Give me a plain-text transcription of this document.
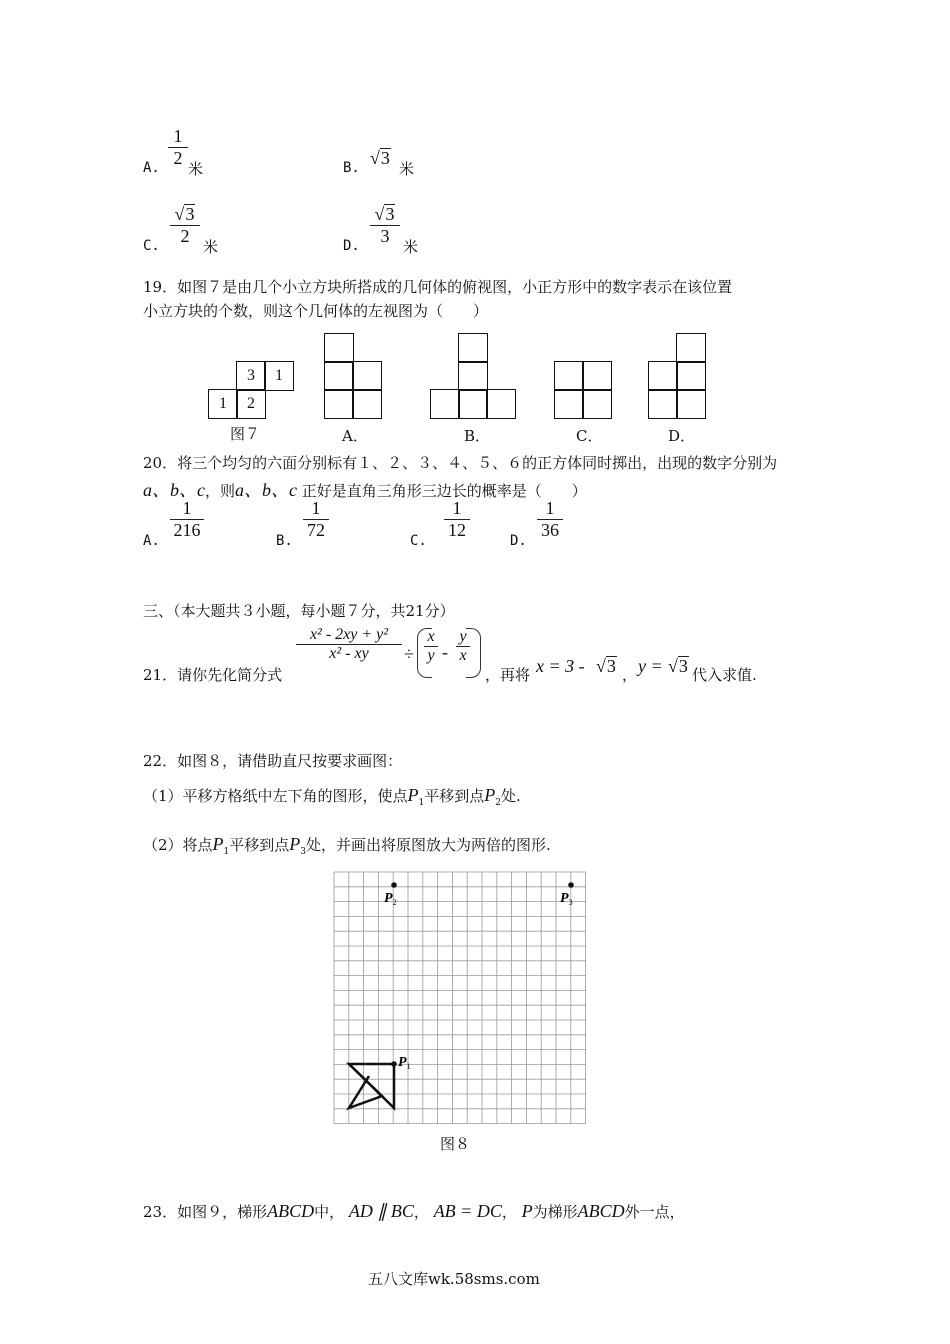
A.
1
2
米	B. √3
米
C.
√3
2
米	D.
√3
3
米
19．如图７是由几个小立方块所搭成的几何体的俯视图，小正方形中的数字表示在该位置
小立方块的个数，则这个几何体的左视图为（　　）
3	1
1	2
图７	A．	B．	C．	D．
20．将三个均匀的六面分别标有１、２、３、４、５、６的正方体同时掷出，出现的数字分别为
a、b、c，则a、b、c 正好是直角三角形三边长的概率是（　　）
A.
1
216
B.
1
72
C.
1
12
D.
1
36
三、（本大题共３小题，每小题７分，共21分）
21．请你先化简分式
x² - 2xy + y²
x² - xy	÷
x
y -
y
x
，再将 x = 3 - √3 ， y = √3 代入求值.
22．如图８，请借助直尺按要求画图：
（1）平移方格纸中左下角的图形，使点$P_1$平移到点$P_2$处.
（2）将点$P_1$平移到点$P_3$处，并画出将原图放大为两倍的图形.
$P_2$	$P_3$
$P_1$
图８
23．如图９，梯形ABCD中， AD ∥ BC， AB = DC， P为梯形ABCD外一点，
五八文库wk.58sms.com
